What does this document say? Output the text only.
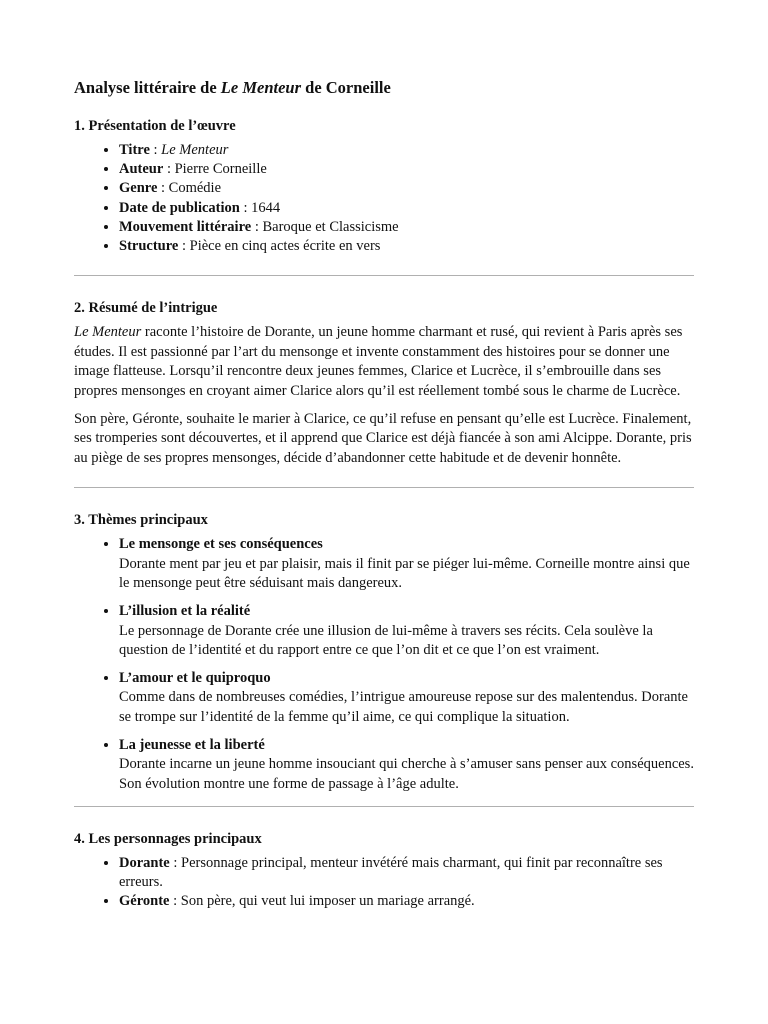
Analyse littéraire de Le Menteur de Corneille
1. Présentation de l’œuvre
• Titre : Le Menteur
• Auteur : Pierre Corneille
• Genre : Comédie
• Date de publication : 1644
• Mouvement littéraire : Baroque et Classicisme
• Structure : Pièce en cinq actes écrite en vers
2. Résumé de l’intrigue

Le Menteur raconte l’histoire de Dorante, un jeune homme charmant et rusé, qui revient à Paris après ses études. Il est passionné par l’art du mensonge et invente constamment des histoires pour se donner une image flatteuse. Lorsqu’il rencontre deux jeunes femmes, Clarice et Lucrèce, il s’embrouille dans ses propres mensonges en croyant aimer Clarice alors qu’il est réellement tombé sous le charme de Lucrèce.

Son père, Géronte, souhaite le marier à Clarice, ce qu’il refuse en pensant qu’elle est Lucrèce. Finalement, ses tromperies sont découvertes, et il apprend que Clarice est déjà fiancée à son ami Alcippe. Dorante, pris au piège de ses propres mensonges, décide d’abandonner cette habitude et de devenir honnête.

3. Thèmes principaux
• Le mensonge et ses conséquences
Dorante ment par jeu et par plaisir, mais il finit par se piéger lui-même. Corneille montre ainsi que le mensonge peut être séduisant mais dangereux.
• L’illusion et la réalité
Le personnage de Dorante crée une illusion de lui-même à travers ses récits. Cela soulève la question de l’identité et du rapport entre ce que l’on dit et ce que l’on est vraiment.
• L’amour et le quiproquo
Comme dans de nombreuses comédies, l’intrigue amoureuse repose sur des malentendus. Dorante se trompe sur l’identité de la femme qu’il aime, ce qui complique la situation.
• La jeunesse et la liberté
Dorante incarne un jeune homme insouciant qui cherche à s’amuser sans penser aux conséquences. Son évolution montre une forme de passage à l’âge adulte.
4. Les personnages principaux
• Dorante : Personnage principal, menteur invétéré mais charmant, qui finit par reconnaître ses erreurs.
• Géronte : Son père, qui veut lui imposer un mariage arrangé.
